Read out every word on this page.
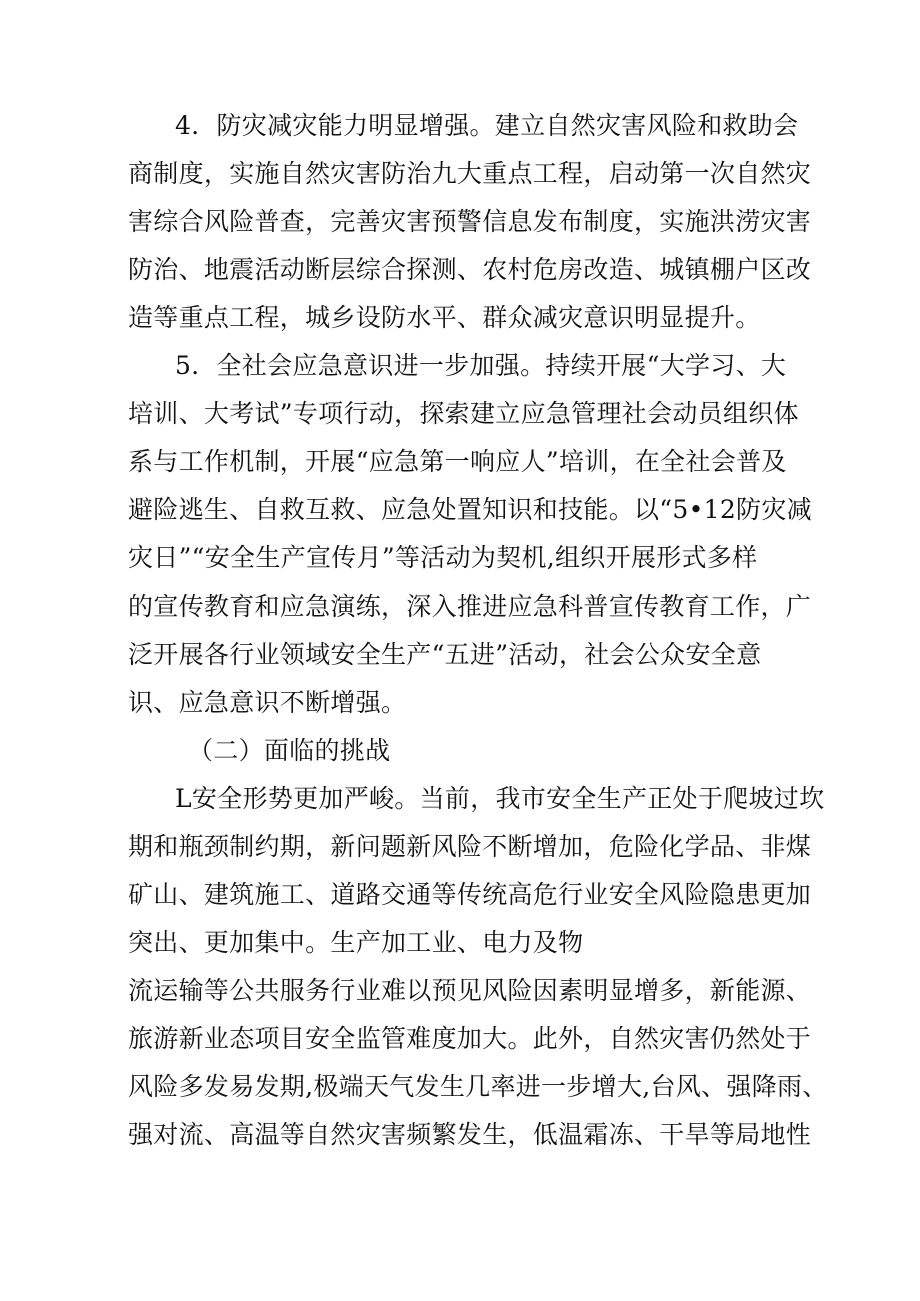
4．防灾减灾能力明显增强。建立自然灾害风险和救助会
商制度，实施自然灾害防治九大重点工程，启动第一次自然灾
害综合风险普查，完善灾害预警信息发布制度，实施洪涝灾害
防治、地震活动断层综合探测、农村危房改造、城镇棚户区改
造等重点工程，城乡设防水平、群众减灾意识明显提升。
5．全社会应急意识进一步加强。持续开展“大学习、大
培训、大考试”专项行动，探索建立应急管理社会动员组织体
系与工作机制，开展“应急第一响应人”培训，在全社会普及
避险逃生、自救互救、应急处置知识和技能。以“5•12防灾减
灾日”“安全生产宣传月”等活动为契机,组织开展形式多样
的宣传教育和应急演练，深入推进应急科普宣传教育工作，广
泛开展各行业领域安全生产“五进”活动，社会公众安全意
识、应急意识不断增强。
（二）面临的挑战
L安全形势更加严峻。当前，我市安全生产正处于爬坡过坎
期和瓶颈制约期，新问题新风险不断增加，危险化学品、非煤
矿山、建筑施工、道路交通等传统高危行业安全风险隐患更加
突出、更加集中。生产加工业、电力及物
流运输等公共服务行业难以预见风险因素明显增多，新能源、
旅游新业态项目安全监管难度加大。此外，自然灾害仍然处于
风险多发易发期,极端天气发生几率进一步增大,台风、强降雨、
强对流、高温等自然灾害频繁发生，低温霜冻、干旱等局地性
